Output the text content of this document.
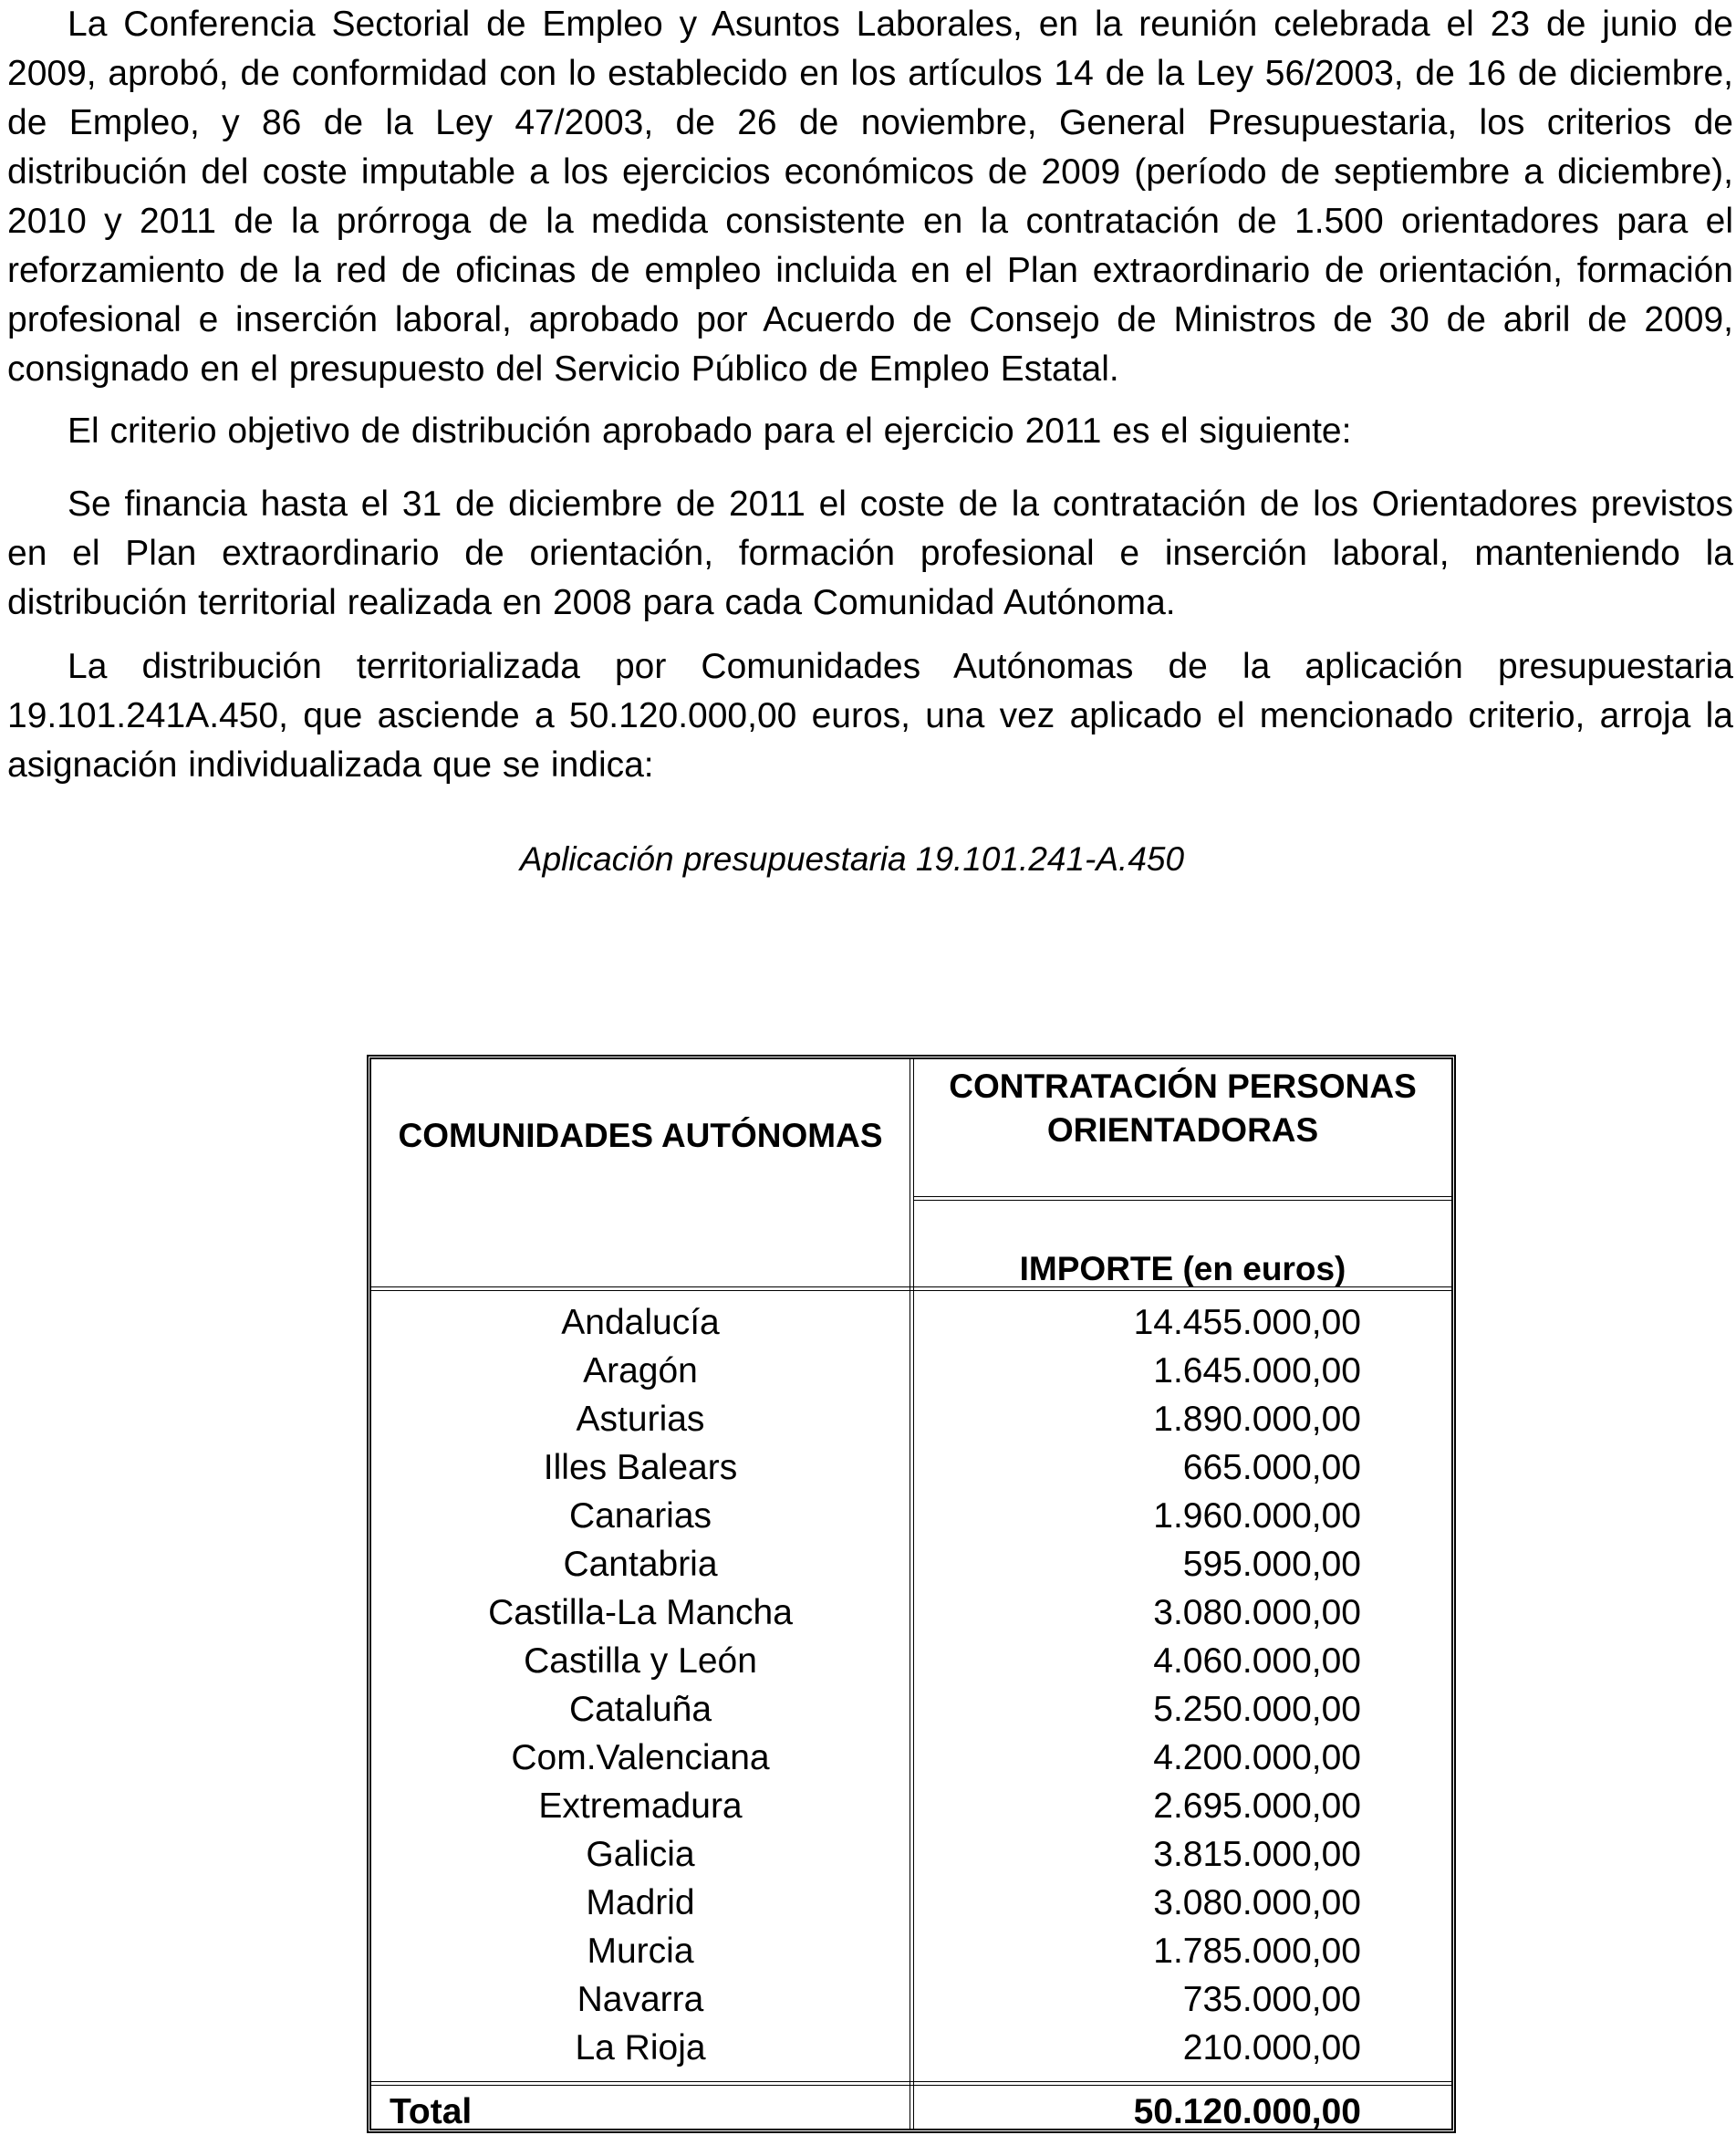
La Conferencia Sectorial de Empleo y Asuntos Laborales, en la reunión celebrada el 23 de junio de 2009, aprobó, de conformidad con lo establecido en los artículos 14 de la Ley 56/2003, de 16 de diciembre, de Empleo, y 86 de la Ley 47/2003, de 26 de noviembre, General Presupuestaria, los criterios de distribución del coste imputable a los ejercicios económicos de 2009 (período de septiembre a diciembre), 2010 y 2011 de la prórroga de la medida consistente en la contratación de 1.500 orientadores para el reforzamiento de la red de oficinas de empleo incluida en el Plan extraordinario de orientación, formación profesional e inserción laboral, aprobado por Acuerdo de Consejo de Ministros de 30 de abril de 2009, consignado en el presupuesto del Servicio Público de Empleo Estatal.

El criterio objetivo de distribución aprobado para el ejercicio 2011 es el siguiente:

Se financia hasta el 31 de diciembre de 2011 el coste de la contratación de los Orientadores previstos en el Plan extraordinario de orientación, formación profesional e inserción laboral, manteniendo la distribución territorial realizada en 2008 para cada Comunidad Autónoma.

La distribución territorializada por Comunidades Autónomas de la aplicación presupuestaria 19.101.241A.450, que asciende a 50.120.000,00 euros, una vez aplicado el mencionado criterio, arroja la asignación individualizada que se indica:

Aplicación presupuestaria 19.101.241-A.450
COMUNIDADES AUTÓNOMAS
CONTRATACIÓN PERSONAS ORIENTADORAS
IMPORTE (en euros)
Andalucía	14.455.000,00
Aragón	1.645.000,00
Asturias	1.890.000,00
Illes Balears	665.000,00
Canarias	1.960.000,00
Cantabria	595.000,00
Castilla-La Mancha	3.080.000,00
Castilla y León	4.060.000,00
Cataluña	5.250.000,00
Com.Valenciana	4.200.000,00
Extremadura	2.695.000,00
Galicia	3.815.000,00
Madrid	3.080.000,00
Murcia	1.785.000,00
Navarra	735.000,00
La Rioja	210.000,00
Total	50.120.000,00
